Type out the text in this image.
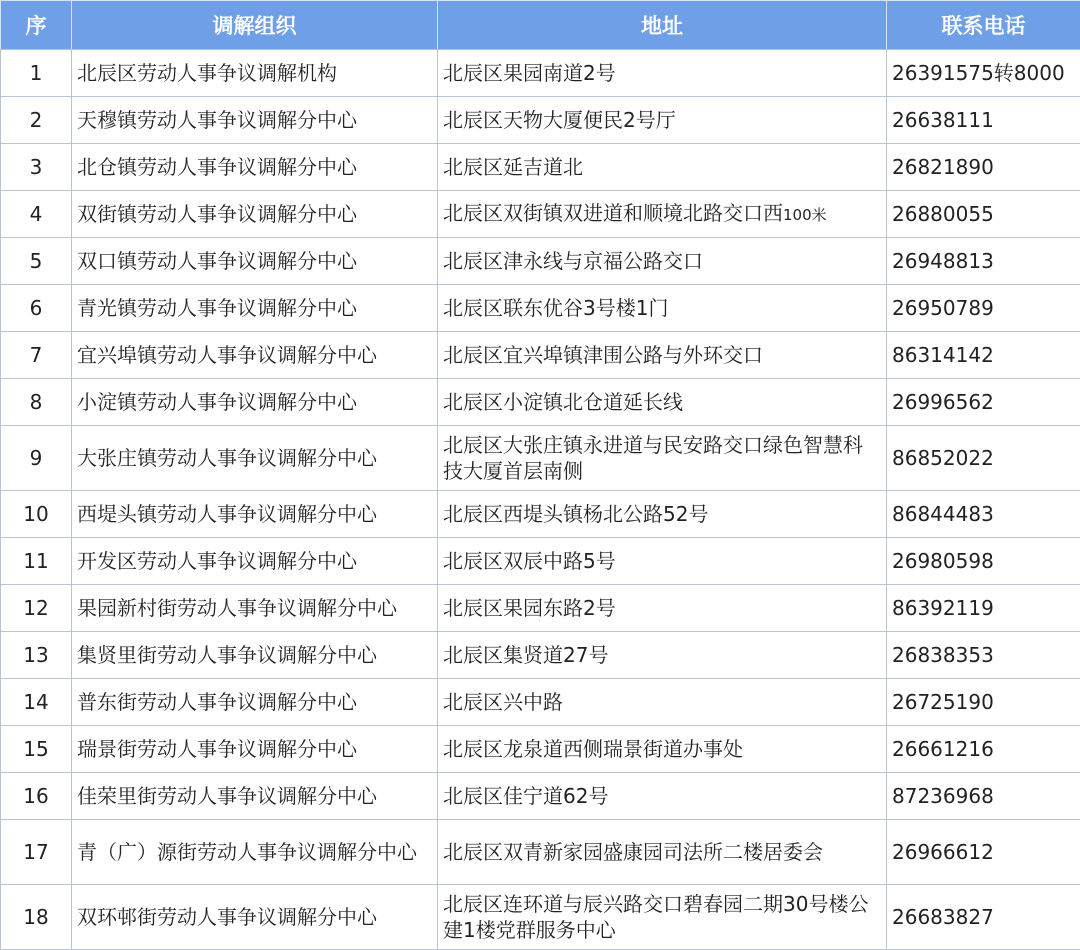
序	调解组织	地址	联系电话
1	北辰区劳动人事争议调解机构	北辰区果园南道2号	26391575转8000
2	天穆镇劳动人事争议调解分中心	北辰区天物大厦便民2号厅	26638111
3	北仓镇劳动人事争议调解分中心	北辰区延吉道北	26821890
4	双街镇劳动人事争议调解分中心	北辰区双街镇双进道和顺境北路交口西100米	26880055
5	双口镇劳动人事争议调解分中心	北辰区津永线与京福公路交口	26948813
6	青光镇劳动人事争议调解分中心	北辰区联东优谷3号楼1门	26950789
7	宜兴埠镇劳动人事争议调解分中心	北辰区宜兴埠镇津围公路与外环交口	86314142
8	小淀镇劳动人事争议调解分中心	北辰区小淀镇北仓道延长线	26996562
9	大张庄镇劳动人事争议调解分中心	北辰区大张庄镇永进道与民安路交口绿色智慧科技大厦首层南侧	86852022
10	西堤头镇劳动人事争议调解分中心	北辰区西堤头镇杨北公路52号	86844483
11	开发区劳动人事争议调解分中心	北辰区双辰中路5号	26980598
12	果园新村街劳动人事争议调解分中心	北辰区果园东路2号	86392119
13	集贤里街劳动人事争议调解分中心	北辰区集贤道27号	26838353
14	普东街劳动人事争议调解分中心	北辰区兴中路	26725190
15	瑞景街劳动人事争议调解分中心	北辰区龙泉道西侧瑞景街道办事处	26661216
16	佳荣里街劳动人事争议调解分中心	北辰区佳宁道62号	87236968
17	青（广）源街劳动人事争议调解分中心	北辰区双青新家园盛康园司法所二楼居委会	26966612
18	双环邨街劳动人事争议调解分中心	北辰区连环道与辰兴路交口碧春园二期30号楼公建1楼党群服务中心	26683827
